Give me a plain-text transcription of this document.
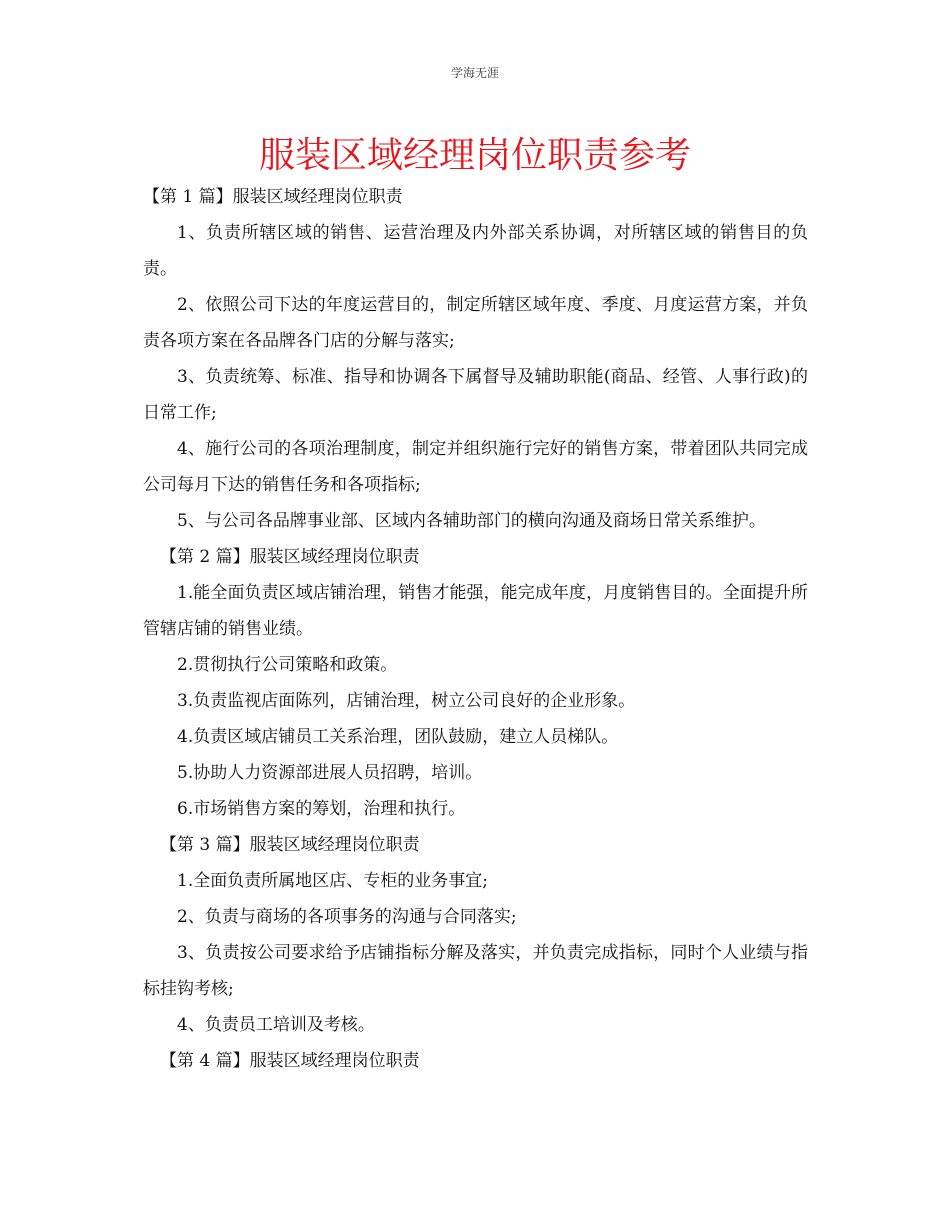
学海无涯
服装区域经理岗位职责参考

【第 1 篇】服装区域经理岗位职责

1、负责所辖区域的销售、运营治理及内外部关系协调，对所辖区域的销售目的负责。

2、依照公司下达的年度运营目的，制定所辖区域年度、季度、月度运营方案，并负责各项方案在各品牌各门店的分解与落实;

3、负责统筹、标准、指导和协调各下属督导及辅助职能(商品、经管、人事行政)的日常工作;

4、施行公司的各项治理制度，制定并组织施行完好的销售方案，带着团队共同完成公司每月下达的销售任务和各项指标;

5、与公司各品牌事业部、区域内各辅助部门的横向沟通及商场日常关系维护。

【第 2 篇】服装区域经理岗位职责

1.能全面负责区域店铺治理，销售才能强，能完成年度，月度销售目的。全面提升所管辖店铺的销售业绩。

2.贯彻执行公司策略和政策。

3.负责监视店面陈列，店铺治理，树立公司良好的企业形象。

4.负责区域店铺员工关系治理，团队鼓励，建立人员梯队。

5.协助人力资源部进展人员招聘，培训。

6.市场销售方案的筹划，治理和执行。

【第 3 篇】服装区域经理岗位职责

1.全面负责所属地区店、专柜的业务事宜;

2、负责与商场的各项事务的沟通与合同落实;

3、负责按公司要求给予店铺指标分解及落实，并负责完成指标，同时个人业绩与指标挂钩考核;

4、负责员工培训及考核。

【第 4 篇】服装区域经理岗位职责
